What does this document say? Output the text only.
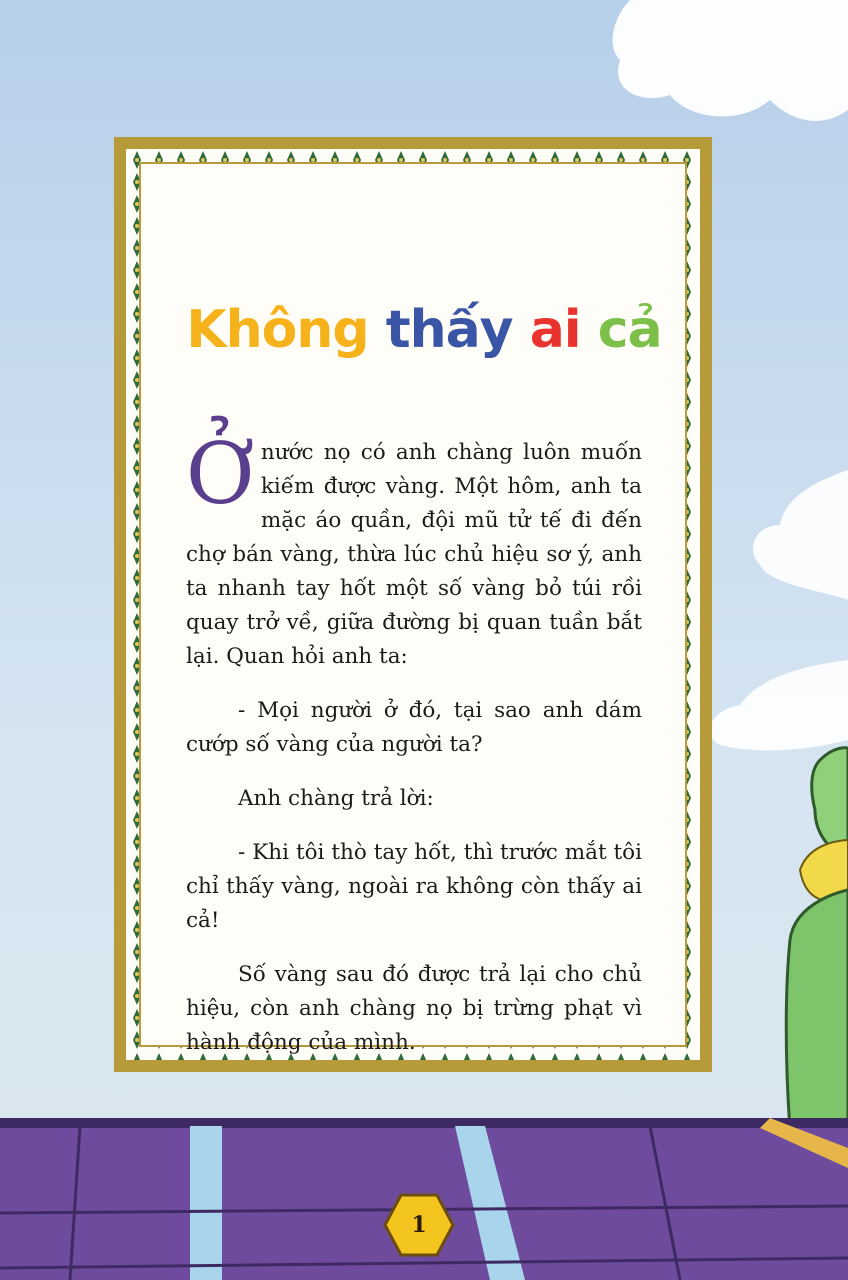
Không thấy ai cả

Ởnước nọ có anh chàng luôn muốn kiếm được vàng. Một hôm, anh ta mặc áo quần, đội mũ tử tế đi đến chợ bán vàng, thừa lúc chủ hiệu sơ ý, anh ta nhanh tay hốt một số vàng bỏ túi rồi quay trở về, giữa đường bị quan tuần bắt lại. Quan hỏi anh ta:

- Mọi người ở đó, tại sao anh dám cướp số vàng của người ta?

Anh chàng trả lời:

- Khi tôi thò tay hốt, thì trước mắt tôi chỉ thấy vàng, ngoài ra không còn thấy ai cả!

Số vàng sau đó được trả lại cho chủ hiệu, còn anh chàng nọ bị trừng phạt vì hành động của mình.

1
